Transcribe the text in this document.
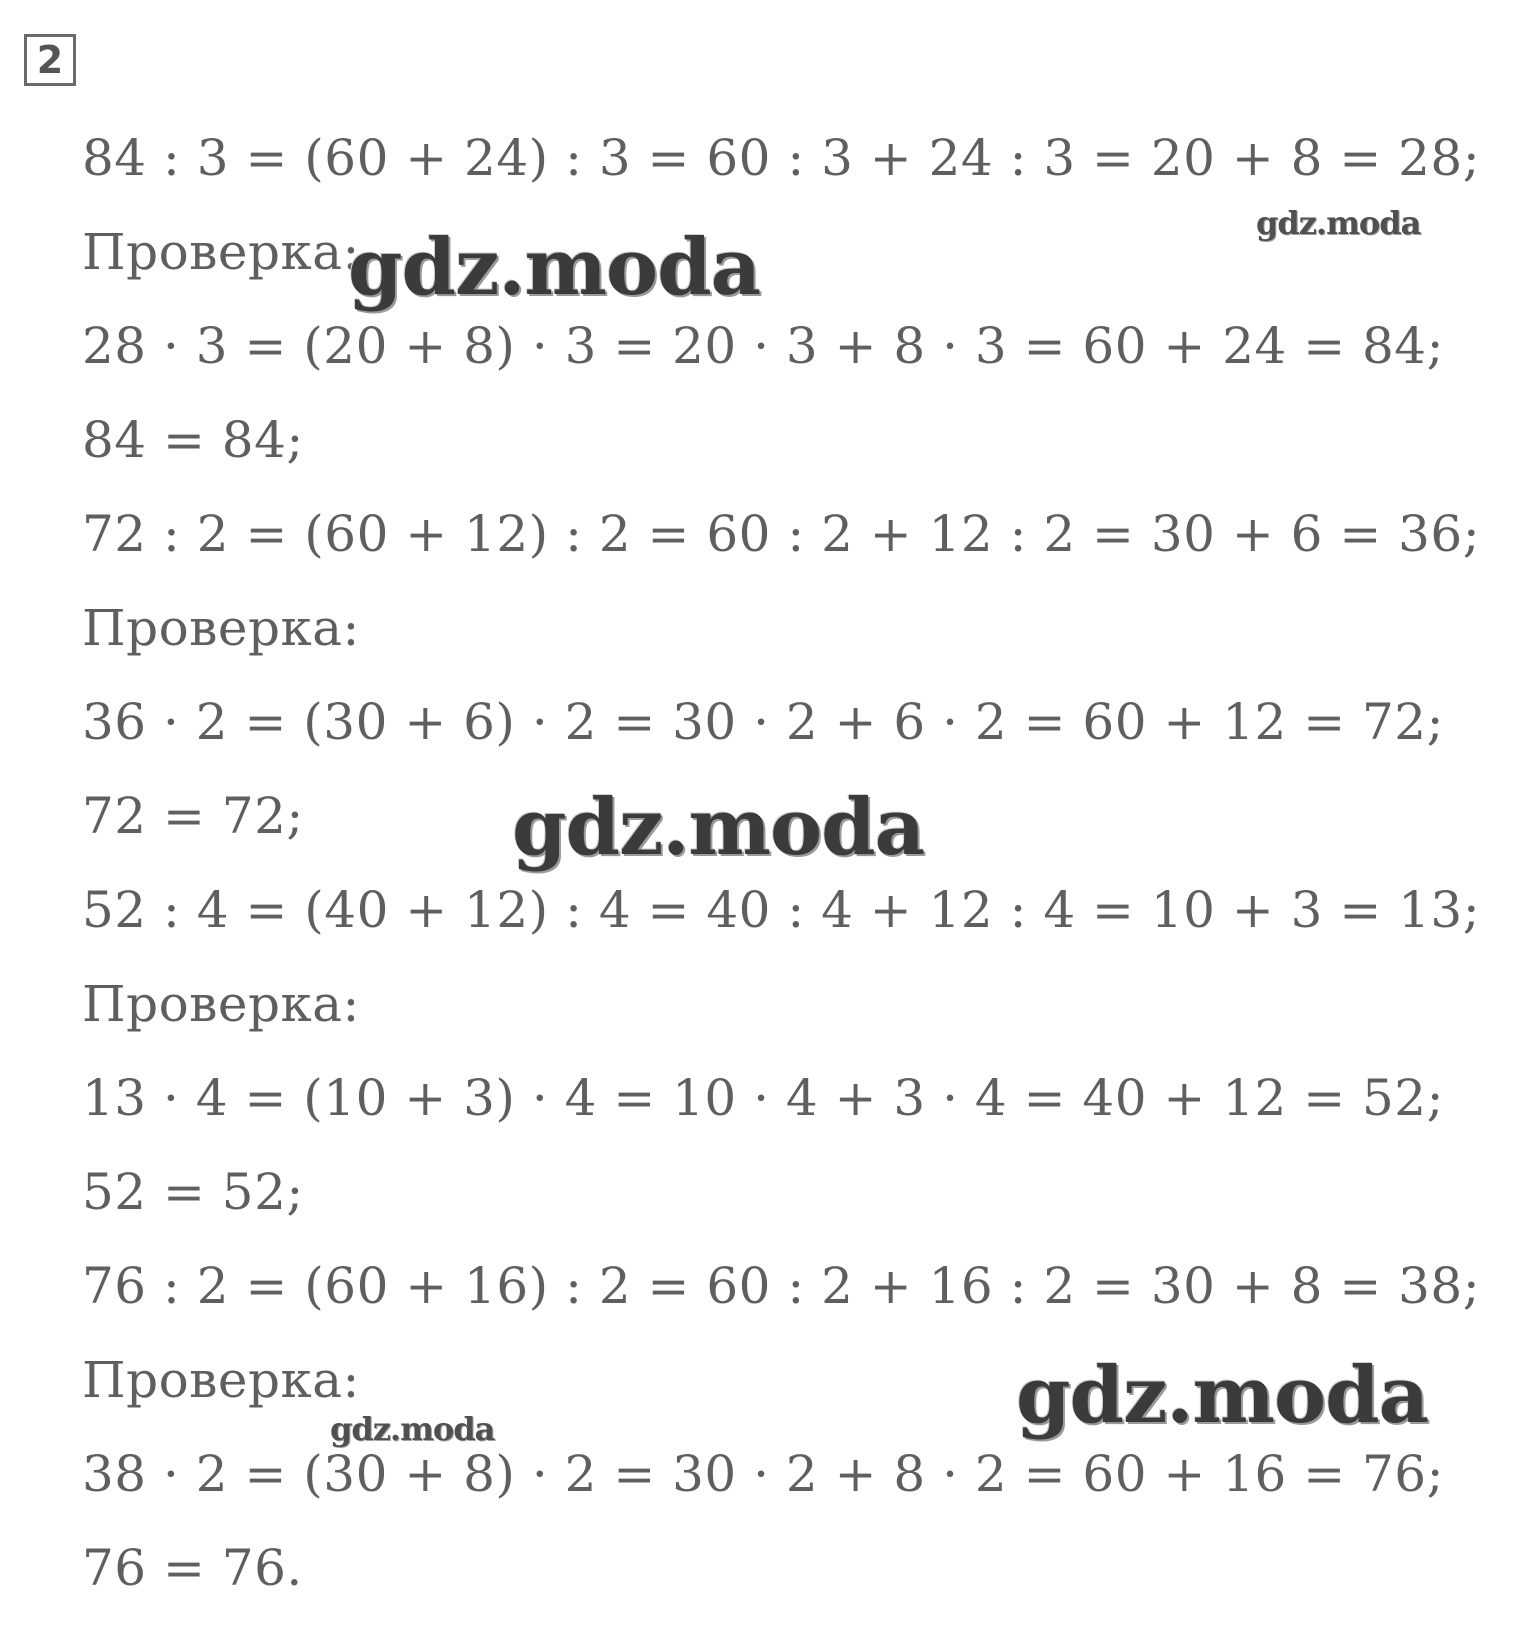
2
84 : 3 = (60 + 24) : 3 = 60 : 3 + 24 : 3 = 20 + 8 = 28;
Проверка:
28 · 3 = (20 + 8) · 3 = 20 · 3 + 8 · 3 = 60 + 24 = 84;
84 = 84;
72 : 2 = (60 + 12) : 2 = 60 : 2 + 12 : 2 = 30 + 6 = 36;
Проверка:
36 · 2 = (30 + 6) · 2 = 30 · 2 + 6 · 2 = 60 + 12 = 72;
72 = 72;
52 : 4 = (40 + 12) : 4 = 40 : 4 + 12 : 4 = 10 + 3 = 13;
Проверка:
13 · 4 = (10 + 3) · 4 = 10 · 4 + 3 · 4 = 40 + 12 = 52;
52 = 52;
76 : 2 = (60 + 16) : 2 = 60 : 2 + 16 : 2 = 30 + 8 = 38;
Проверка:
38 · 2 = (30 + 8) · 2 = 30 · 2 + 8 · 2 = 60 + 16 = 76;
76 = 76.
gdz.moda
gdz.moda
gdz.moda
gdz.moda
gdz.moda
